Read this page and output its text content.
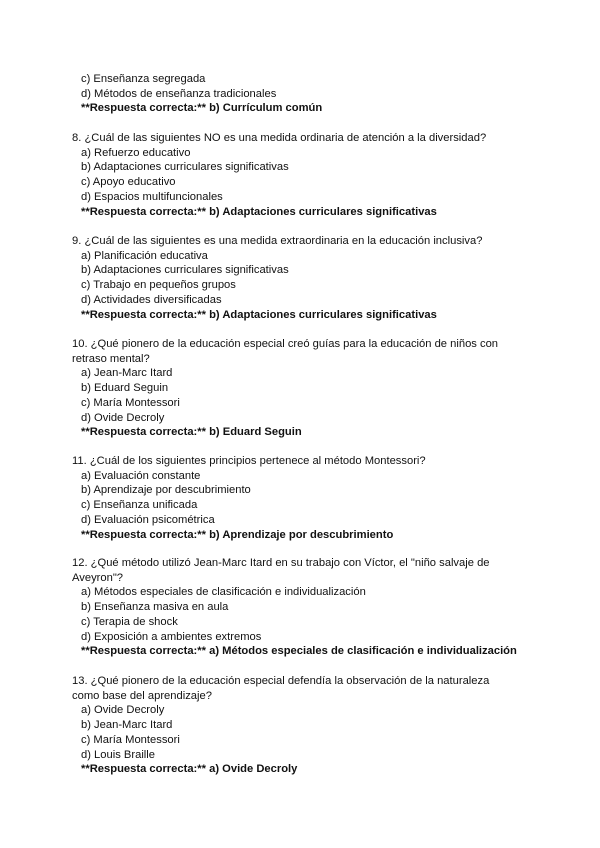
c) Enseñanza segregada
d) Métodos de enseñanza tradicionales
**Respuesta correcta:** b) Currículum común
8. ¿Cuál de las siguientes NO es una medida ordinaria de atención a la diversidad?
a) Refuerzo educativo
b) Adaptaciones curriculares significativas
c) Apoyo educativo
d) Espacios multifuncionales
**Respuesta correcta:** b) Adaptaciones curriculares significativas
9. ¿Cuál de las siguientes es una medida extraordinaria en la educación inclusiva?
a) Planificación educativa
b) Adaptaciones curriculares significativas
c) Trabajo en pequeños grupos
d) Actividades diversificadas
**Respuesta correcta:** b) Adaptaciones curriculares significativas
10. ¿Qué pionero de la educación especial creó guías para la educación de niños con retraso mental?
a) Jean-Marc Itard
b) Eduard Seguin
c) María Montessori
d) Ovide Decroly
**Respuesta correcta:** b) Eduard Seguin
11. ¿Cuál de los siguientes principios pertenece al método Montessori?
a) Evaluación constante
b) Aprendizaje por descubrimiento
c) Enseñanza unificada
d) Evaluación psicométrica
**Respuesta correcta:** b) Aprendizaje por descubrimiento
12. ¿Qué método utilizó Jean-Marc Itard en su trabajo con Víctor, el "niño salvaje de Aveyron"?
a) Métodos especiales de clasificación e individualización
b) Enseñanza masiva en aula
c) Terapia de shock
d) Exposición a ambientes extremos
**Respuesta correcta:** a) Métodos especiales de clasificación e individualización
13. ¿Qué pionero de la educación especial defendía la observación de la naturaleza como base del aprendizaje?
a) Ovide Decroly
b) Jean-Marc Itard
c) María Montessori
d) Louis Braille
**Respuesta correcta:** a) Ovide Decroly
